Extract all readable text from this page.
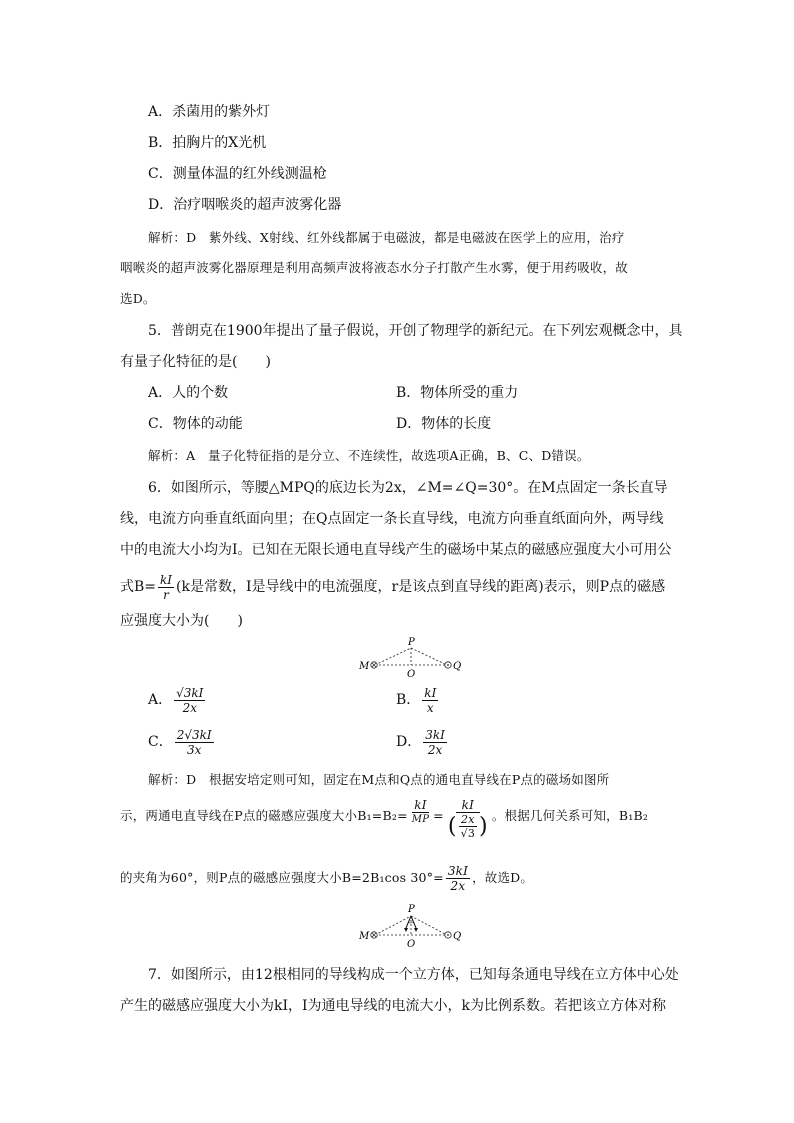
A．杀菌用的紫外灯
B．拍胸片的X光机
C．测量体温的红外线测温枪
D．治疗咽喉炎的超声波雾化器
解析：D　紫外线、X射线、红外线都属于电磁波，都是电磁波在医学上的应用，治疗
咽喉炎的超声波雾化器原理是利用高频声波将液态水分子打散产生水雾，便于用药吸收，故
选D。
5．普朗克在1900年提出了量子假说，开创了物理学的新纪元。在下列宏观概念中，具
有量子化特征的是(　　)
A．人的个数	B．物体所受的重力
C．物体的动能	D．物体的长度
解析：A　量子化特征指的是分立、不连续性，故选项A正确，B、C、D错误。
6．如图所示，等腰△MPQ的底边长为2x，∠M=∠Q=30°。在M点固定一条长直导
线，电流方向垂直纸面向里；在Q点固定一条长直导线，电流方向垂直纸面向外，两导线
中的电流大小均为I。已知在无限长通电直导线产生的磁场中某点的磁感应强度大小可用公
式$B= \frac{kI}{r} (k$是常数，I是导线中的电流强度，r是该点到直导线的距离)表示，则P点的磁感
应强度大小为(　　)
P
M
O
Q
A． $\frac{√3kI}{2x}$	B． $\frac{kI}{x}$
C． $\frac{2√3kI}{3x}$	D． $\frac{3kI}{2x}$
解析：D　根据安培定则可知，固定在M点和Q点的通电直导线在P点的磁场如图所
示，两通电直导线在P点的磁感应强度大小$B_1=B_2= \frac{kI}{MP} = \frac{kI}{( \frac{2x}{√3} )}$ 。根据几何关系可知，B₁B₂
的夹角为60°，则P点的磁感应强度大小B=2B₁cos $30^\circ= \frac{3kI}{2x}$ ，故选D。
P
M
O
Q
7．如图所示，由12根相同的导线构成一个立方体，已知每条通电导线在立方体中心处
产生的磁感应强度大小为kI，I为通电导线的电流大小，k为比例系数。若把该立方体对称
